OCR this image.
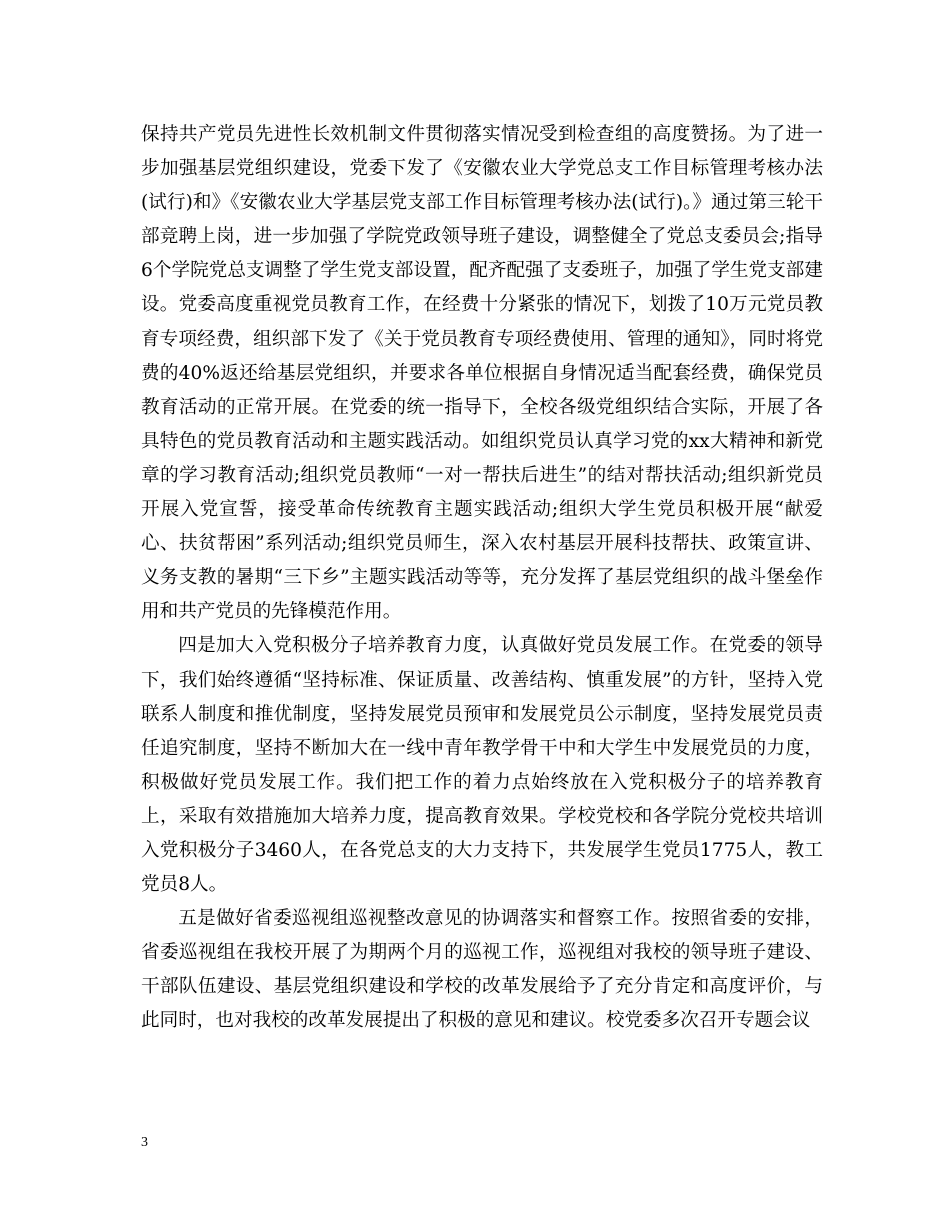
保持共产党员先进性长效机制文件贯彻落实情况受到检查组的高度赞扬。为了进一步加强基层党组织建设，党委下发了《安徽农业大学党总支工作目标管理考核办法(试行)和》《安徽农业大学基层党支部工作目标管理考核办法(试行)。》通过第三轮干部竞聘上岗，进一步加强了学院党政领导班子建设，调整健全了党总支委员会;指导6个学院党总支调整了学生党支部设置，配齐配强了支委班子，加强了学生党支部建设。党委高度重视党员教育工作，在经费十分紧张的情况下，划拨了10万元党员教育专项经费，组织部下发了《关于党员教育专项经费使用、管理的通知》，同时将党费的40%返还给基层党组织，并要求各单位根据自身情况适当配套经费，确保党员教育活动的正常开展。在党委的统一指导下，全校各级党组织结合实际，开展了各具特色的党员教育活动和主题实践活动。如组织党员认真学习党的xx大精神和新党章的学习教育活动;组织党员教师“一对一帮扶后进生”的结对帮扶活动;组织新党员开展入党宣誓，接受革命传统教育主题实践活动;组织大学生党员积极开展“献爱心、扶贫帮困”系列活动;组织党员师生，深入农村基层开展科技帮扶、政策宣讲、义务支教的暑期“三下乡”主题实践活动等等，充分发挥了基层党组织的战斗堡垒作用和共产党员的先锋模范作用。

四是加大入党积极分子培养教育力度，认真做好党员发展工作。在党委的领导下，我们始终遵循“坚持标准、保证质量、改善结构、慎重发展”的方针，坚持入党联系人制度和推优制度，坚持发展党员预审和发展党员公示制度，坚持发展党员责任追究制度，坚持不断加大在一线中青年教学骨干中和大学生中发展党员的力度，积极做好党员发展工作。我们把工作的着力点始终放在入党积极分子的培养教育上，采取有效措施加大培养力度，提高教育效果。学校党校和各学院分党校共培训入党积极分子3460人，在各党总支的大力支持下，共发展学生党员1775人，教工党员8人。

五是做好省委巡视组巡视整改意见的协调落实和督察工作。按照省委的安排，省委巡视组在我校开展了为期两个月的巡视工作，巡视组对我校的领导班子建设、干部队伍建设、基层党组织建设和学校的改革发展给予了充分肯定和高度评价，与此同时，也对我校的改革发展提出了积极的意见和建议。校党委多次召开专题会议

3
